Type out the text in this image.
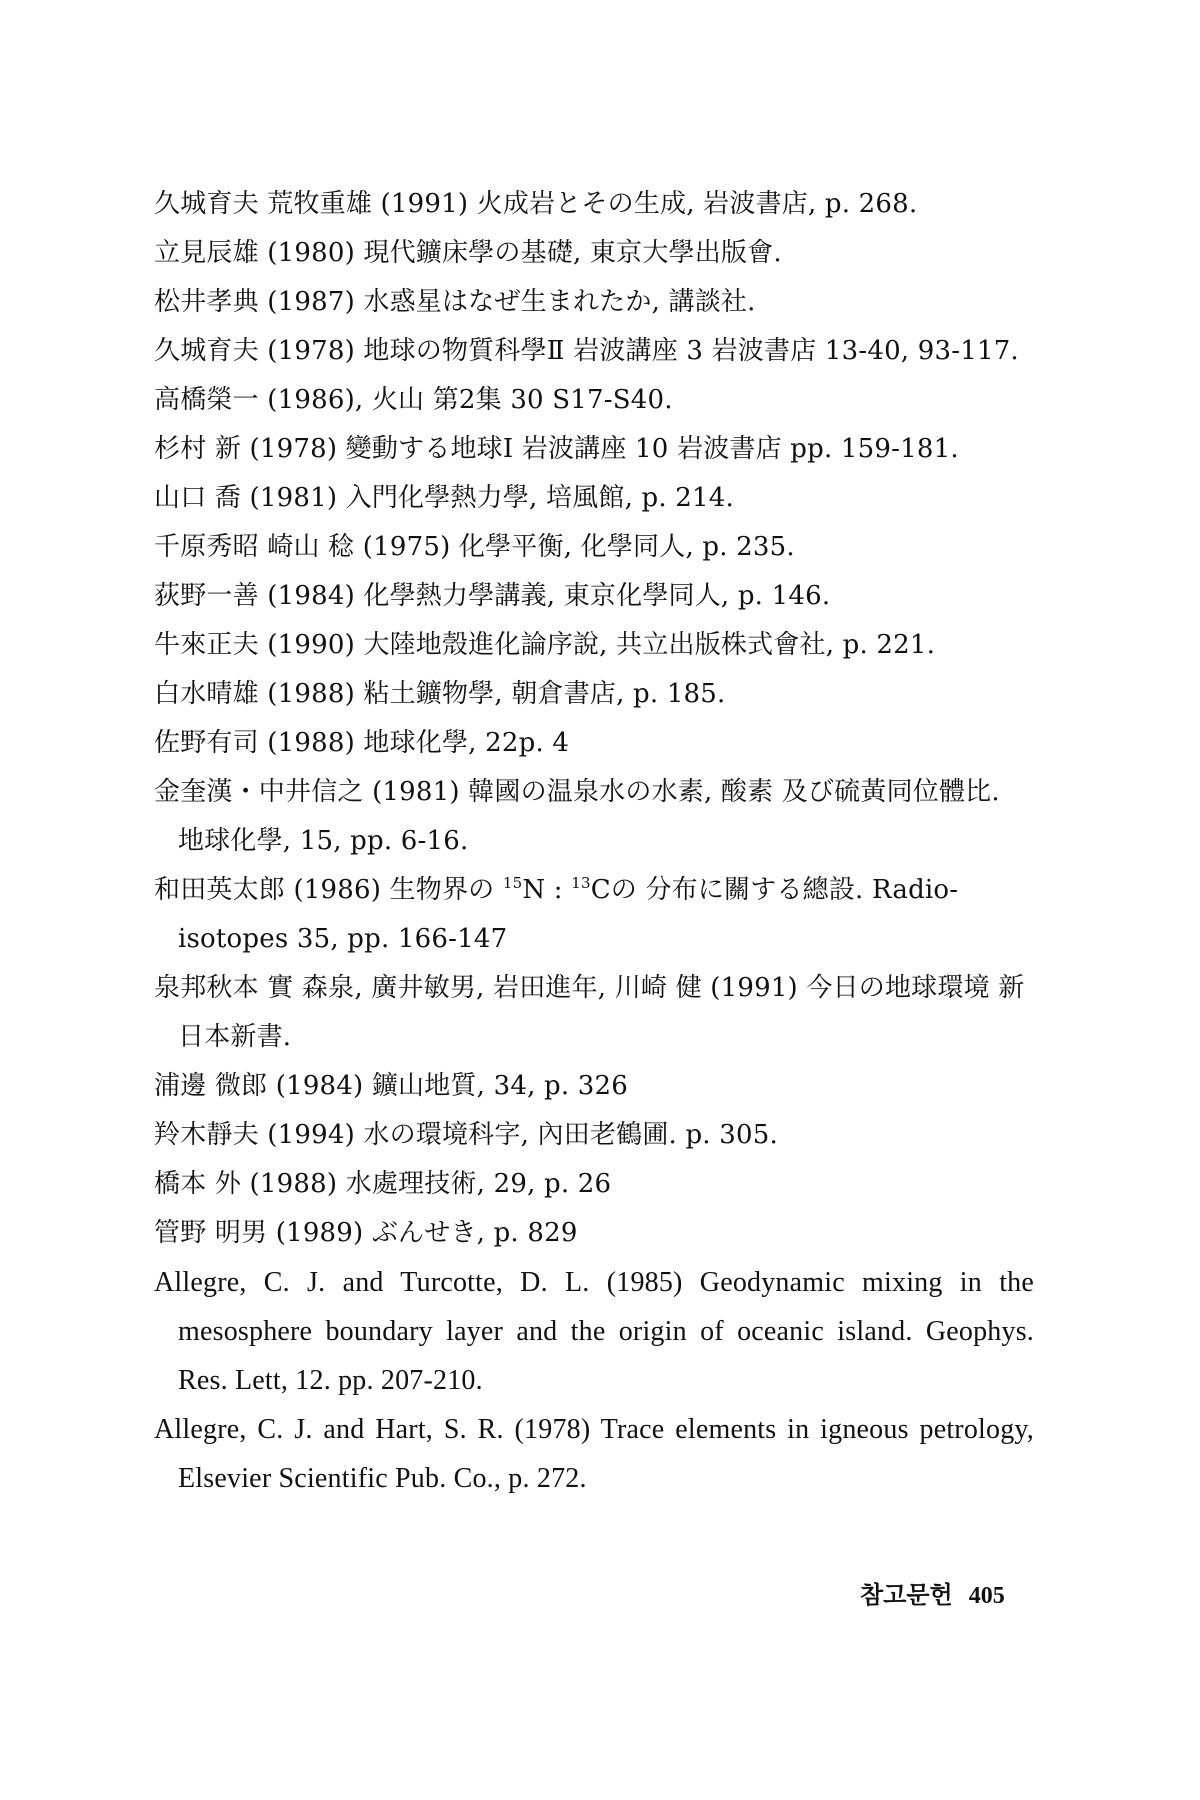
久城育夫 荒牧重雄 (1991) 火成岩とその生成, 岩波書店, p. 268.
立見辰雄 (1980) 現代鑛床學の基礎, 東京大學出版會.
松井孝典 (1987) 水惑星はなぜ生まれたか, 講談社.
久城育夫 (1978) 地球の物質科學Ⅱ 岩波講座 3 岩波書店 13-40, 93-117.
高橋榮一 (1986), 火山 第2集 30 S17-S40.
杉村 新 (1978) 變動する地球Ⅰ 岩波講座 10 岩波書店 pp. 159-181.
山口 喬 (1981) 入門化學熱力學, 培風館, p. 214.
千原秀昭 崎山 稔 (1975) 化學平衡, 化學同人, p. 235.
荻野一善 (1984) 化學熱力學講義, 東京化學同人, p. 146.
牛來正夫 (1990) 大陸地殼進化論序說, 共立出版株式會社, p. 221.
白水晴雄 (1988) 粘土鑛物學, 朝倉書店, p. 185.
佐野有司 (1988) 地球化學, 22p. 4
金奎漢・中井信之 (1981) 韓國の温泉水の水素, 酸素 及び硫黃同位體比. 地球化學, 15, pp. 6-16.
和田英太郎 (1986) 生物界の $^{15}$N : $^{13}$Cの 分布に關する總設. Radio-isotopes 35, pp. 166-147
泉邦秋本 實 森泉, 廣井敏男, 岩田進年, 川崎 健 (1991) 今日の地球環境 新日本新書.
浦邊 微郎 (1984) 鑛山地質, 34, p. 326
羚木靜夫 (1994) 水の環境科字, 內田老鶴圃. p. 305.
橋本 外 (1988) 水處理技術, 29, p. 26
管野 明男 (1989) ぶんせき, p. 829
Allegre, C. J. and Turcotte, D. L. (1985) Geodynamic mixing in the mesosphere boundary layer and the origin of oceanic island. Geophys. Res. Lett, 12. pp. 207-210.
Allegre, C. J. and Hart, S. R. (1978) Trace elements in igneous petrology, Elsevier Scientific Pub. Co., p. 272.
참고문헌 405
